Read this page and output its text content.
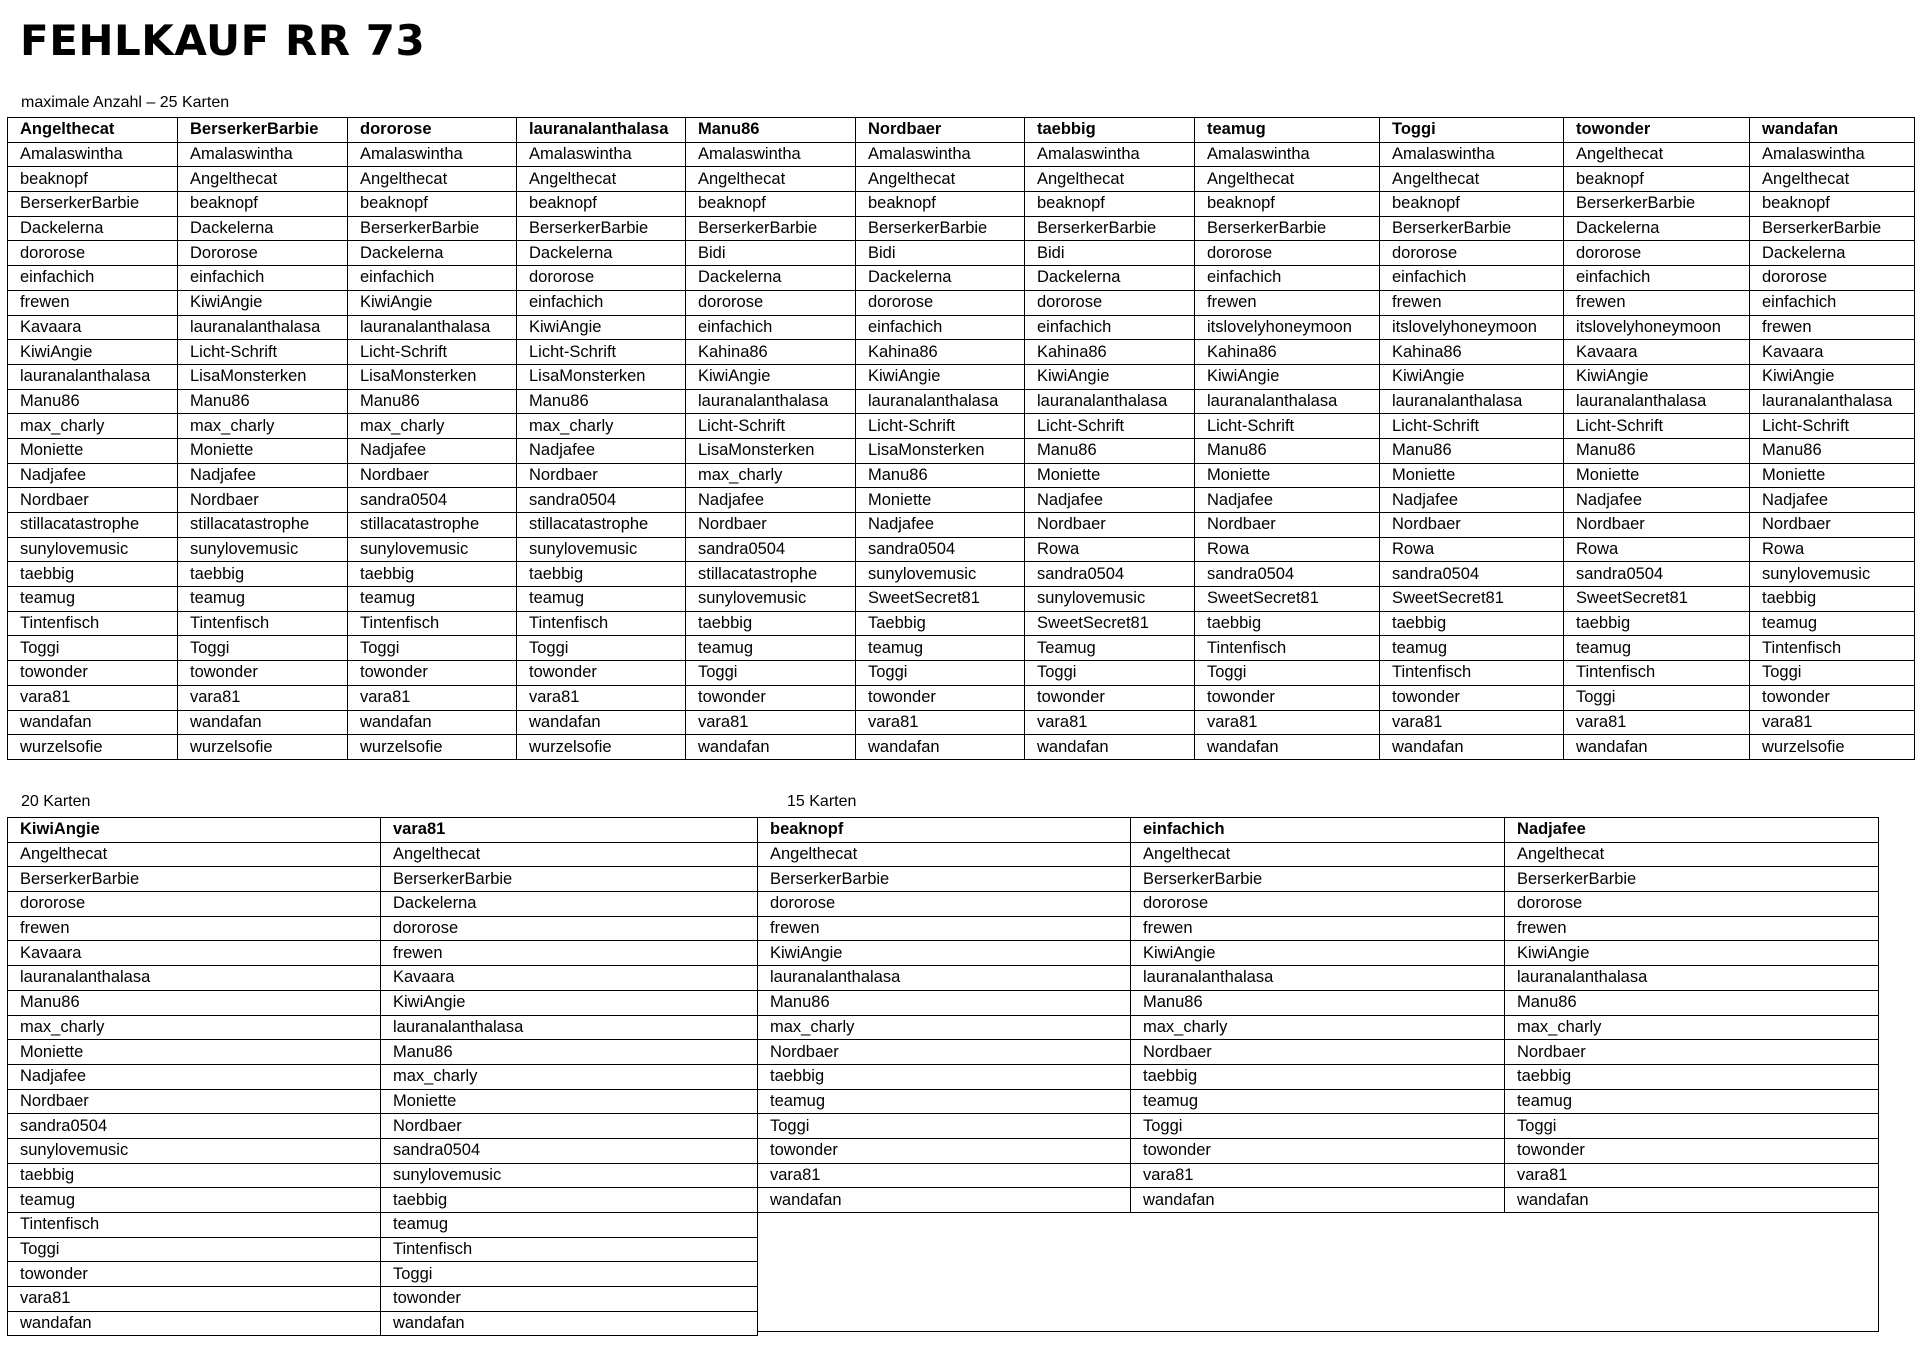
FEHLKAUF RR 73
maximale Anzahl – 25 Karten
Angelthecat	BerserkerBarbie	dororose	lauranalanthalasa	Manu86	Nordbaer	taebbig	teamug	Toggi	towonder	wandafan
Amalaswintha	Amalaswintha	Amalaswintha	Amalaswintha	Amalaswintha	Amalaswintha	Amalaswintha	Amalaswintha	Amalaswintha	Angelthecat	Amalaswintha
beaknopf	Angelthecat	Angelthecat	Angelthecat	Angelthecat	Angelthecat	Angelthecat	Angelthecat	Angelthecat	beaknopf	Angelthecat
BerserkerBarbie	beaknopf	beaknopf	beaknopf	beaknopf	beaknopf	beaknopf	beaknopf	beaknopf	BerserkerBarbie	beaknopf
Dackelerna	Dackelerna	BerserkerBarbie	BerserkerBarbie	BerserkerBarbie	BerserkerBarbie	BerserkerBarbie	BerserkerBarbie	BerserkerBarbie	Dackelerna	BerserkerBarbie
dororose	Dororose	Dackelerna	Dackelerna	Bidi	Bidi	Bidi	dororose	dororose	dororose	Dackelerna
einfachich	einfachich	einfachich	dororose	Dackelerna	Dackelerna	Dackelerna	einfachich	einfachich	einfachich	dororose
frewen	KiwiAngie	KiwiAngie	einfachich	dororose	dororose	dororose	frewen	frewen	frewen	einfachich
Kavaara	lauranalanthalasa	lauranalanthalasa	KiwiAngie	einfachich	einfachich	einfachich	itslovelyhoneymoon	itslovelyhoneymoon	itslovelyhoneymoon	frewen
KiwiAngie	Licht-Schrift	Licht-Schrift	Licht-Schrift	Kahina86	Kahina86	Kahina86	Kahina86	Kahina86	Kavaara	Kavaara
lauranalanthalasa	LisaMonsterken	LisaMonsterken	LisaMonsterken	KiwiAngie	KiwiAngie	KiwiAngie	KiwiAngie	KiwiAngie	KiwiAngie	KiwiAngie
Manu86	Manu86	Manu86	Manu86	lauranalanthalasa	lauranalanthalasa	lauranalanthalasa	lauranalanthalasa	lauranalanthalasa	lauranalanthalasa	lauranalanthalasa
max_charly	max_charly	max_charly	max_charly	Licht-Schrift	Licht-Schrift	Licht-Schrift	Licht-Schrift	Licht-Schrift	Licht-Schrift	Licht-Schrift
Moniette	Moniette	Nadjafee	Nadjafee	LisaMonsterken	LisaMonsterken	Manu86	Manu86	Manu86	Manu86	Manu86
Nadjafee	Nadjafee	Nordbaer	Nordbaer	max_charly	Manu86	Moniette	Moniette	Moniette	Moniette	Moniette
Nordbaer	Nordbaer	sandra0504	sandra0504	Nadjafee	Moniette	Nadjafee	Nadjafee	Nadjafee	Nadjafee	Nadjafee
stillacatastrophe	stillacatastrophe	stillacatastrophe	stillacatastrophe	Nordbaer	Nadjafee	Nordbaer	Nordbaer	Nordbaer	Nordbaer	Nordbaer
sunylovemusic	sunylovemusic	sunylovemusic	sunylovemusic	sandra0504	sandra0504	Rowa	Rowa	Rowa	Rowa	Rowa
taebbig	taebbig	taebbig	taebbig	stillacatastrophe	sunylovemusic	sandra0504	sandra0504	sandra0504	sandra0504	sunylovemusic
teamug	teamug	teamug	teamug	sunylovemusic	SweetSecret81	sunylovemusic	SweetSecret81	SweetSecret81	SweetSecret81	taebbig
Tintenfisch	Tintenfisch	Tintenfisch	Tintenfisch	taebbig	Taebbig	SweetSecret81	taebbig	taebbig	taebbig	teamug
Toggi	Toggi	Toggi	Toggi	teamug	teamug	Teamug	Tintenfisch	teamug	teamug	Tintenfisch
towonder	towonder	towonder	towonder	Toggi	Toggi	Toggi	Toggi	Tintenfisch	Tintenfisch	Toggi
vara81	vara81	vara81	vara81	towonder	towonder	towonder	towonder	towonder	Toggi	towonder
wandafan	wandafan	wandafan	wandafan	vara81	vara81	vara81	vara81	vara81	vara81	vara81
wurzelsofie	wurzelsofie	wurzelsofie	wurzelsofie	wandafan	wandafan	wandafan	wandafan	wandafan	wandafan	wurzelsofie
20 Karten
KiwiAngie	vara81
Angelthecat	Angelthecat
BerserkerBarbie	BerserkerBarbie
dororose	Dackelerna
frewen	dororose
Kavaara	frewen
lauranalanthalasa	Kavaara
Manu86	KiwiAngie
max_charly	lauranalanthalasa
Moniette	Manu86
Nadjafee	max_charly
Nordbaer	Moniette
sandra0504	Nordbaer
sunylovemusic	sandra0504
taebbig	sunylovemusic
teamug	taebbig
Tintenfisch	teamug
Toggi	Tintenfisch
towonder	Toggi
vara81	towonder
wandafan	wandafan
15 Karten
beaknopf	einfachich	Nadjafee
Angelthecat	Angelthecat	Angelthecat
BerserkerBarbie	BerserkerBarbie	BerserkerBarbie
dororose	dororose	dororose
frewen	frewen	frewen
KiwiAngie	KiwiAngie	KiwiAngie
lauranalanthalasa	lauranalanthalasa	lauranalanthalasa
Manu86	Manu86	Manu86
max_charly	max_charly	max_charly
Nordbaer	Nordbaer	Nordbaer
taebbig	taebbig	taebbig
teamug	teamug	teamug
Toggi	Toggi	Toggi
towonder	towonder	towonder
vara81	vara81	vara81
wandafan	wandafan	wandafan
